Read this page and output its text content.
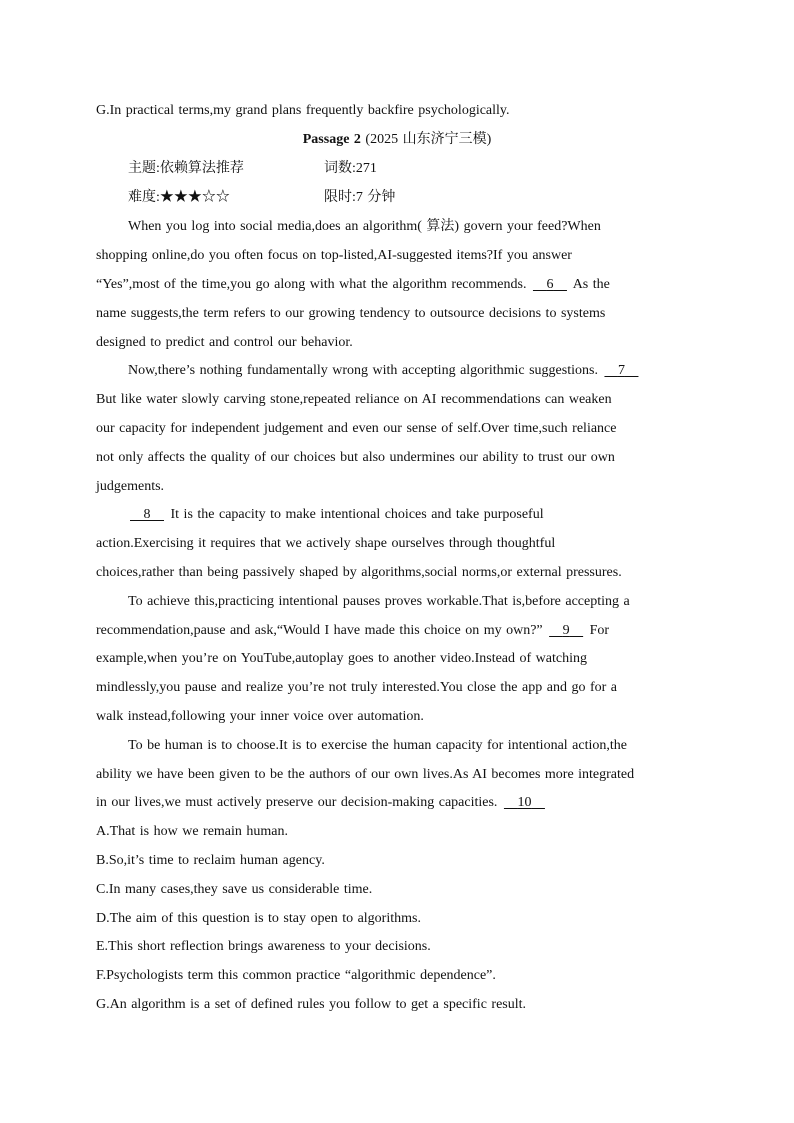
G.In practical terms,my grand plans frequently backfire psychologically.
Passage 2 (2025 山东济宁三模)
主题:依赖算法推荐	词数:271
难度:★★★☆☆	限时:7 分钟
When you log into social media,does an algorithm( 算法) govern your feed?When
shopping online,do you often focus on top-listed,AI-suggested items?If you answer
“Yes”,most of the time,you go along with what the algorithm recommends. 6 As the
name suggests,the term refers to our growing tendency to outsource decisions to systems
designed to predict and control our behavior.
Now,there’s nothing fundamentally wrong with accepting algorithmic suggestions. 7
But like water slowly carving stone,repeated reliance on AI recommendations can weaken
our capacity for independent judgement and even our sense of self.Over time,such reliance
not only affects the quality of our choices but also undermines our ability to trust our own
judgements.
8 It is the capacity to make intentional choices and take purposeful
action.Exercising it requires that we actively shape ourselves through thoughtful
choices,rather than being passively shaped by algorithms,social norms,or external pressures.
To achieve this,practicing intentional pauses proves workable.That is,before accepting a
recommendation,pause and ask,“Would I have made this choice on my own?” 9 For
example,when you’re on YouTube,autoplay goes to another video.Instead of watching
mindlessly,you pause and realize you’re not truly interested.You close the app and go for a
walk instead,following your inner voice over automation.
To be human is to choose.It is to exercise the human capacity for intentional action,the
ability we have been given to be the authors of our own lives.As AI becomes more integrated
in our lives,we must actively preserve our decision-making capacities. 10
A.That is how we remain human.
B.So,it’s time to reclaim human agency.
C.In many cases,they save us considerable time.
D.The aim of this question is to stay open to algorithms.
E.This short reflection brings awareness to your decisions.
F.Psychologists term this common practice “algorithmic dependence”.
G.An algorithm is a set of defined rules you follow to get a specific result.
